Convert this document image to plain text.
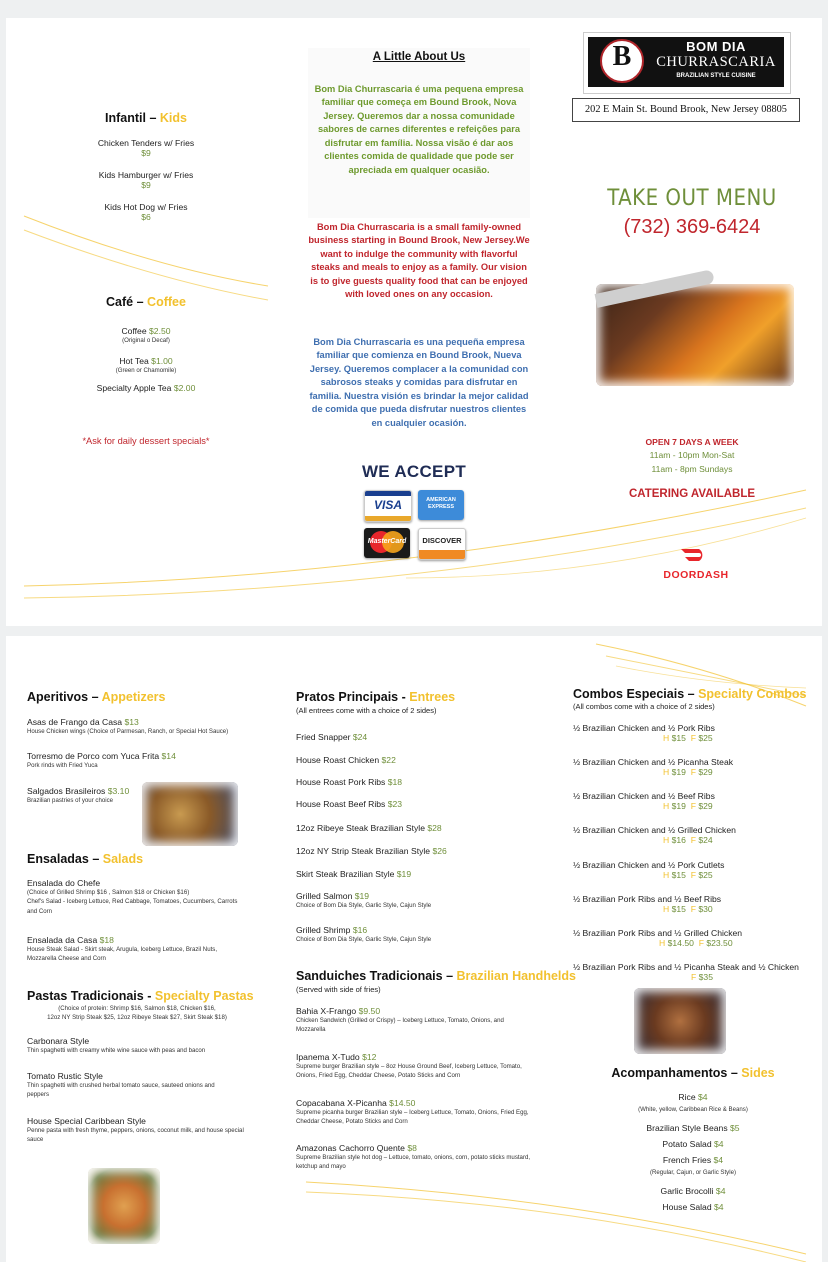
Infantil – Kids
Chicken Tenders w/ Fries
$9
Kids Hamburger w/ Fries
$9
Kids Hot Dog w/ Fries
$6
Café – Coffee
Coffee $2.50
(Original o Decaf)
Hot Tea $1.00
(Green or Chamomile)
Specialty Apple Tea $2.00
*Ask for daily dessert specials*
A Little About Us
Bom Dia Churrascaria é uma pequena empresa familiar que começa em Bound Brook, Nova Jersey. Queremos dar a nossa comunidade sabores de carnes diferentes e refeições para disfrutar em família. Nossa visão é dar aos clientes comida de qualidade que pode ser apreciada em qualquer ocasião.
Bom Dia Churrascaria is a small family-owned business starting in Bound Brook, New Jersey.We want to indulge the community with flavorful steaks and meals to enjoy as a family. Our vision is to give guests quality food that can be enjoyed with loved ones on any occasion.
Bom Dia Churrascaria es una pequeña empresa familiar que comienza en Bound Brook, Nueva Jersey. Queremos complacer a la comunidad con sabrosos steaks y comidas para disfrutar en familia. Nuestra visión es brindar la mejor calidad de comida que pueda disfrutar nuestros clientes en cualquier ocasión.
WE ACCEPT
VISA	AMERICAN EXPRESS
MasterCard	DISCOVER
B	BOM DIA
CHURRASCARIA
BRAZILIAN STYLE CUISINE
202 E Main St. Bound Brook, New Jersey 08805
TAKE OUT MENU
(732) 369-6424
OPEN 7 DAYS A WEEK
11am - 10pm Mon-Sat
11am - 8pm Sundays
CATERING AVAILABLE
DOORDASH
Aperitivos – Appetizers
Asas de Frango da Casa $13
House Chicken wings (Choice of Parmesan, Ranch, or Special Hot Sauce)
Torresmo de Porco com Yuca Frita $14
Pork rinds with Fried Yuca
Salgados Brasileiros $3.10
Brazilian pastries of your choice
Ensaladas – Salads
Ensalada do Chefe
(Choice of Grilled Shrimp $16 , Salmon $18 or Chicken $16)
Chef's Salad - Iceberg Lettuce, Red Cabbage, Tomatoes, Cucumbers, Carrots and Corn
Ensalada da Casa $18
House Steak Salad - Skirt steak, Arugula, Iceberg Lettuce, Brazil Nuts, Mozzarella Cheese and Corn
Pastas Tradicionais - Specialty Pastas
(Choice of protein: Shrimp $16, Salmon $18, Chicken $16,
12oz NY Strip Steak $25, 12oz Ribeye Steak $27, Skirt Steak $18)
Carbonara Style
Thin spaghetti with creamy white wine sauce with peas and bacon
Tomato Rustic Style
Thin spaghetti with crushed herbal tomato sauce, sauteed onions and peppers
House Special Caribbean Style
Penne pasta with fresh thyme, peppers, onions, coconut milk, and house special sauce
Pratos Principais - Entrees
(All entrees come with a choice of 2 sides)
Fried Snapper $24
House Roast Chicken $22
House Roast Pork Ribs $18
House Roast Beef Ribs $23
12oz Ribeye Steak Brazilian Style $28
12oz NY Strip Steak Brazilian Style $26
Skirt Steak Brazilian Style $19
Grilled Salmon $19
Choice of Bom Dia Style, Garlic Style, Cajun Style
Grilled Shrimp $16
Choice of Bom Dia Style, Garlic Style, Cajun Style
Sanduiches Tradicionais – Brazilian Handhelds
(Served with side of fries)
Bahia X-Frango $9.50
Chicken Sandwich (Grilled or Crispy) – Iceberg Lettuce, Tomato, Onions, and Mozzarella
Ipanema X-Tudo $12
Supreme burger Brazilian style – 8oz House Ground Beef, Iceberg Lettuce, Tomato, Onions, Fried Egg, Cheddar Cheese, Potato Sticks and Corn
Copacabana X-Picanha $14.50
Supreme picanha burger Brazilian style – Iceberg Lettuce, Tomato, Onions, Fried Egg, Cheddar Cheese, Potato Sticks and Corn
Amazonas Cachorro Quente $8
Supreme Brazilian style hot dog – Lettuce, tomato, onions, corn, potato sticks mustard, ketchup and mayo
Combos Especiais – Specialty Combos
(All combos come with a choice of 2 sides)
½ Brazilian Chicken and ½ Pork Ribs
H $15 F $25
½ Brazilian Chicken and ½ Picanha Steak
H $19 F $29
½ Brazilian Chicken and ½ Beef Ribs
H $19 F $29
½ Brazilian Chicken and ½ Grilled Chicken
H $16 F $24
½ Brazilian Chicken and ½ Pork Cutlets
H $15 F $25
½ Brazilian Pork Ribs and ½ Beef Ribs
H $15 F $30
½ Brazilian Pork Ribs and ½ Grilled Chicken
H $14.50 F $23.50
½ Brazilian Pork Ribs and ½ Picanha Steak and ½ Chicken
F $35
Acompanhamentos – Sides
Rice $4
(White, yellow, Caribbean Rice & Beans)
Brazilian Style Beans $5
Potato Salad $4
French Fries $4
(Regular, Cajun, or Garlic Style)
Garlic Brocolli $4
House Salad $4
